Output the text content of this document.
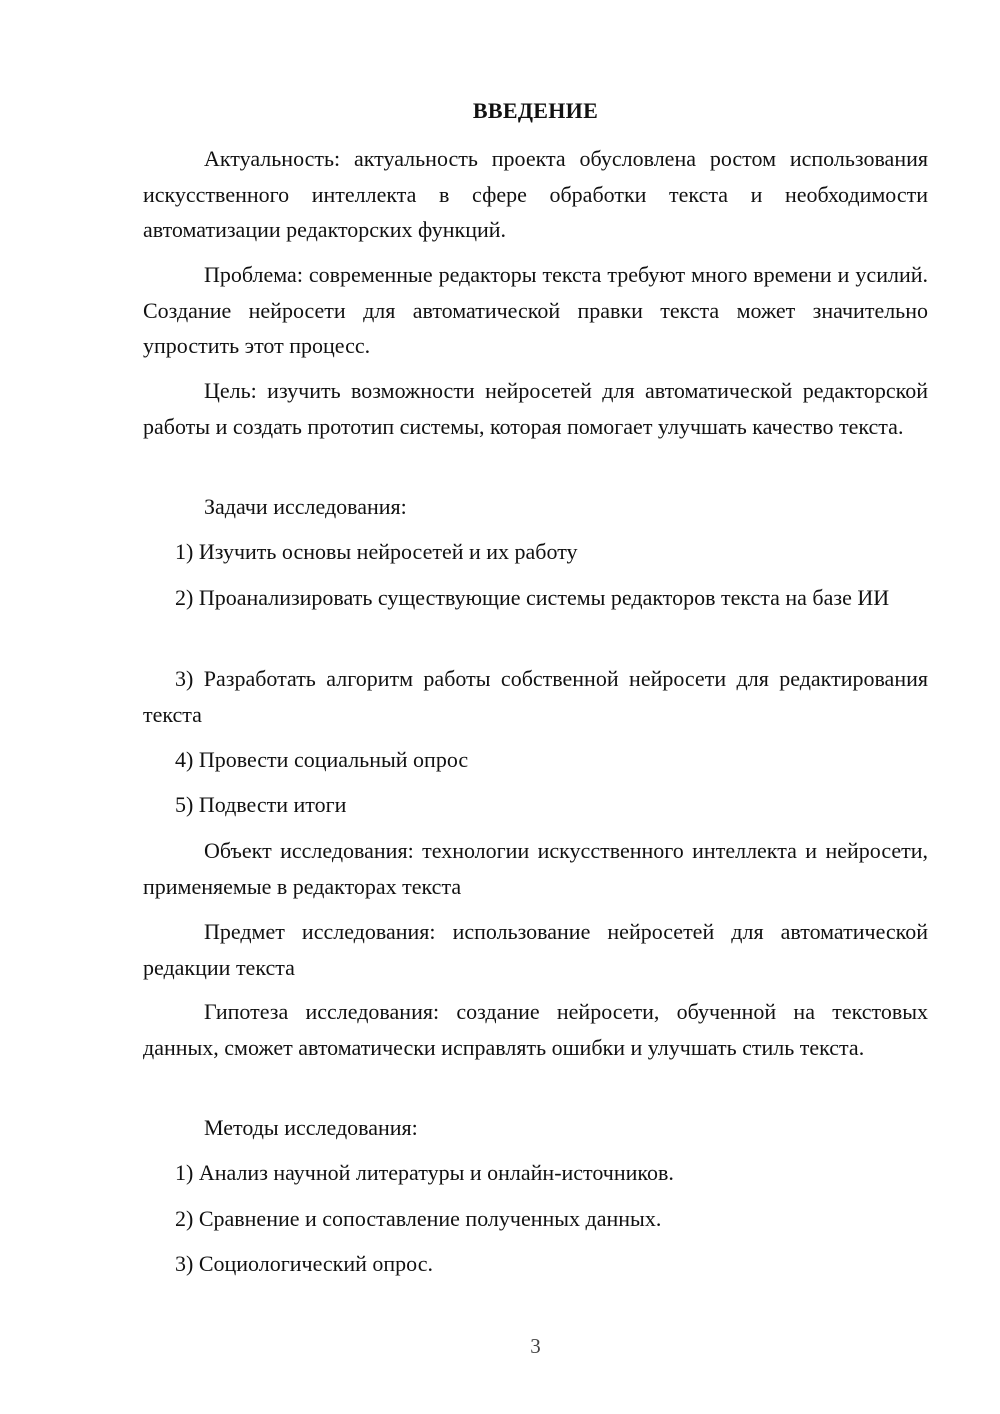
ВВЕДЕНИЕ

Актуальность: актуальность проекта обусловлена ростом использования искусственного интеллекта в сфере обработки текста и необходимости автоматизации редакторских функций.

Проблема: современные редакторы текста требуют много времени и усилий. Создание нейросети для автоматической правки текста может значительно упростить этот процесс.

Цель: изучить возможности нейросетей для автоматической редакторской работы и создать прототип системы, которая помогает улучшать качество текста.

Задачи исследования:
1) Изучить основы нейросетей и их работу

2) Проанализировать существующие системы редакторов текста на базе ИИ

3) Разработать алгоритм работы собственной нейросети для редактирования текста

4) Провести социальный опрос
5) Подвести итоги

Объект исследования: технологии искусственного интеллекта и нейросети, применяемые в редакторах текста

Предмет исследования: использование нейросетей для автоматической редакции текста

Гипотеза исследования: создание нейросети, обученной на текстовых данных, сможет автоматически исправлять ошибки и улучшать стиль текста.

Методы исследования:
1) Анализ научной литературы и онлайн-источников.
2) Сравнение и сопоставление полученных данных.
3) Социологический опрос.
3
